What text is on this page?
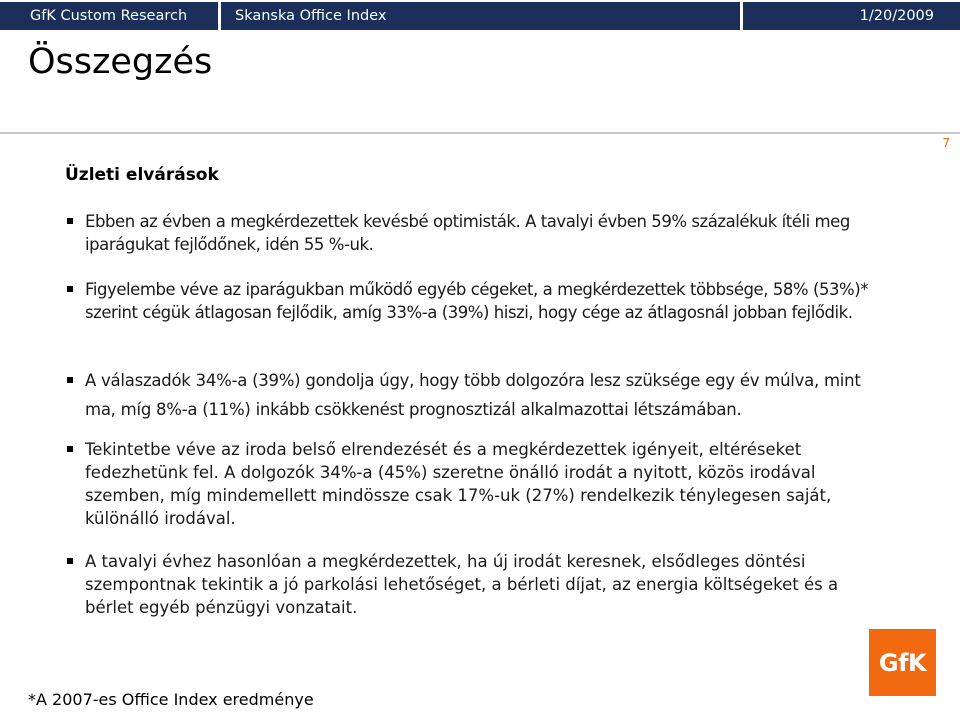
GfK Custom Research	Skanska Office Index	1/20/2009
Összegzés
7
Üzleti elvárások

Ebben az évben a megkérdezettek kevésbé optimisták. A tavalyi évben 59% százalékuk ítéli meg iparágukat fejlődőnek, idén 55 %-uk.

Figyelembe véve az iparágukban működő egyéb cégeket, a megkérdezettek többsége, 58% (53%)* szerint cégük átlagosan fejlődik, amíg 33%-a (39%) hiszi, hogy cége az átlagosnál jobban fejlődik.

A válaszadók 34%-a (39%) gondolja úgy, hogy több dolgozóra lesz szüksége egy év múlva, mint ma, míg 8%-a (11%) inkább csökkenést prognosztizál alkalmazottai létszámában.

Tekintetbe véve az iroda belső elrendezését és a megkérdezettek igényeit, eltéréseket fedezhetünk fel. A dolgozók 34%-a (45%) szeretne önálló irodát a nyitott, közös irodával szemben, míg mindemellett mindössze csak 17%-uk (27%) rendelkezik ténylegesen saját, különálló irodával.

A tavalyi évhez hasonlóan a megkérdezettek, ha új irodát keresnek, elsődleges döntési szempontnak tekintik a jó parkolási lehetőséget, a bérleti díjat, az energia költségeket és a bérlet egyéb pénzügyi vonzatait.

*A 2007-es Office Index eredménye
GfK
